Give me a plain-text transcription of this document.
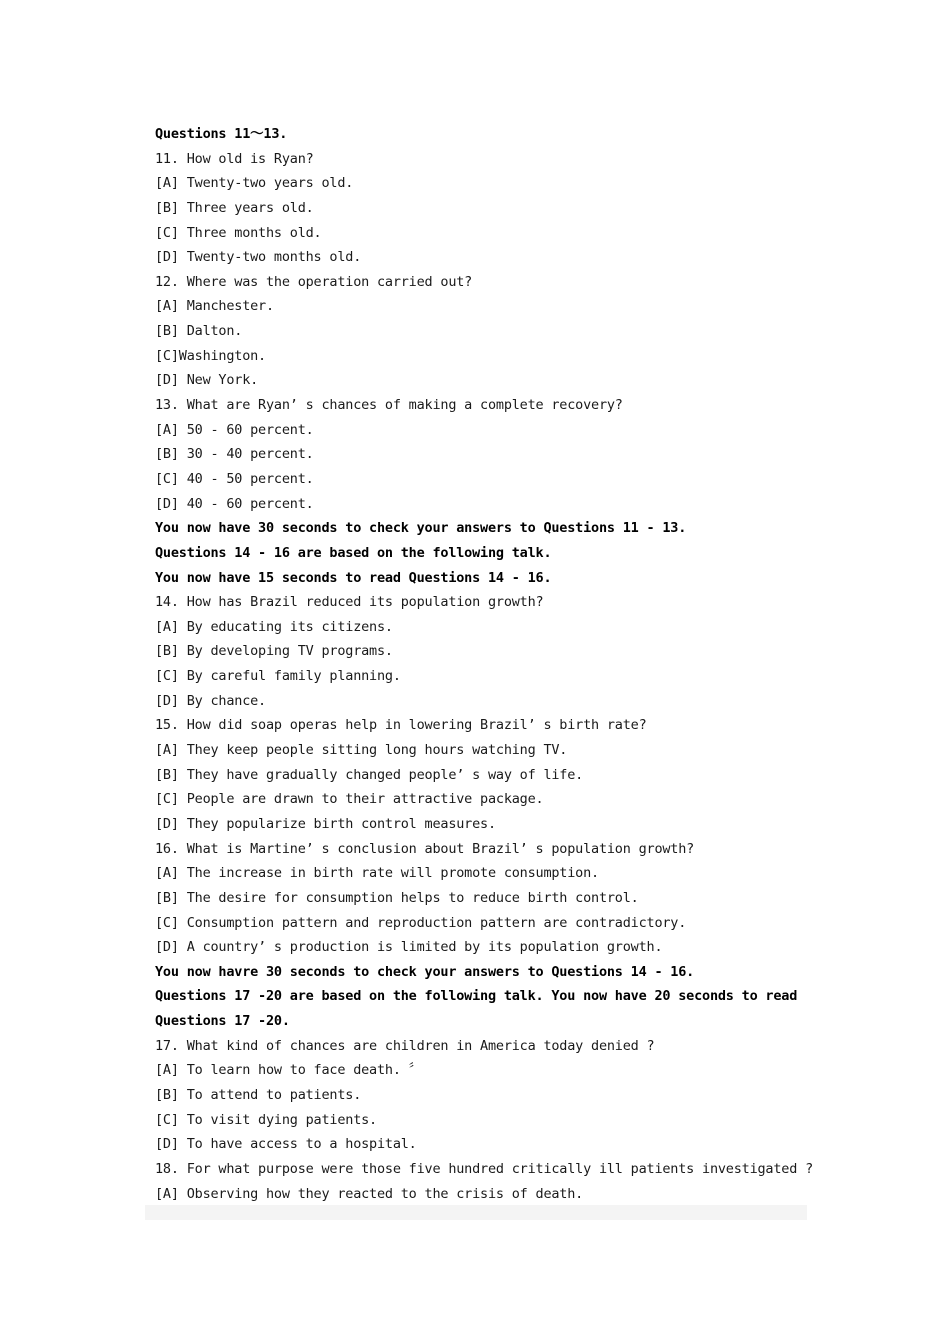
Questions 11～13.
11. How old is Ryan?
[A] Twenty-two years old.
[B] Three years old.
[C] Three months old.
[D] Twenty-two months old.
12. Where was the operation carried out?
[A] Manchester.
[B] Dalton.
[C]Washington.
[D] New York.
13. What are Ryan’ s chances of making a complete recovery?
[A] 50 - 60 percent.
[B] 30 - 40 percent.
[C] 40 - 50 percent.
[D] 40 - 60 percent.
You now have 30 seconds to check your answers to Questions 11 - 13.
Questions 14 - 16 are based on the following talk.
You now have 15 seconds to read Questions 14 - 16.
14. How has Brazil reduced its population growth?
[A] By educating its citizens.
[B] By developing TV programs.
[C] By careful family planning.
[D] By chance.
15. How did soap operas help in lowering Brazil’ s birth rate?
[A] They keep people sitting long hours watching TV.
[B] They have gradually changed people’ s way of life.
[C] People are drawn to their attractive package.
[D] They popularize birth control measures.
16. What is Martine’ s conclusion about Brazil’ s population growth?
[A] The increase in birth rate will promote consumption.
[B] The desire for consumption helps to reduce birth control.
[C] Consumption pattern and reproduction pattern are contradictory.
[D] A country’ s production is limited by its population growth.
You now havre 30 seconds to check your answers to Questions 14 - 16.
Questions 17 -20 are based on the following talk. You now have 20 seconds to read
Questions 17 -20.
17. What kind of chances are children in America today denied ?
[A] To learn how to face death. 〞
[B] To attend to patients.
[C] To visit dying patients.
[D] To have access to a hospital.
18. For what purpose were those five hundred critically ill patients investigated ?
[A] Observing how they reacted to the crisis of death.
